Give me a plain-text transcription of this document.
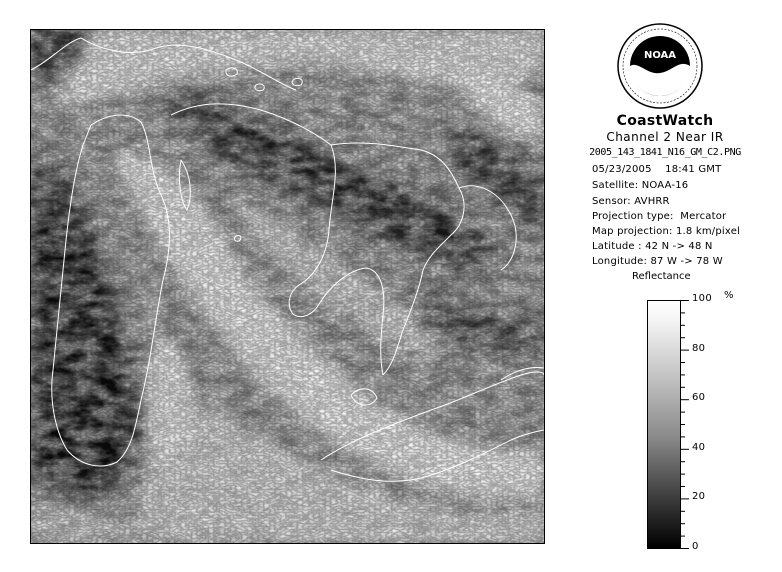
NOAA
CoastWatch
Channel 2 Near IR
2005_143_1841_N16_GM_C2.PNG
05/23/2005    18:41 GMT
Satellite: NOAA-16
Sensor: AVHRR
Projection type:  Mercator
Map projection: 1.8 km/pixel
Latitude : 42 N -> 48 N
Longitude: 87 W -> 78 W
Reflectance
%
100
80
60
40
20
0
